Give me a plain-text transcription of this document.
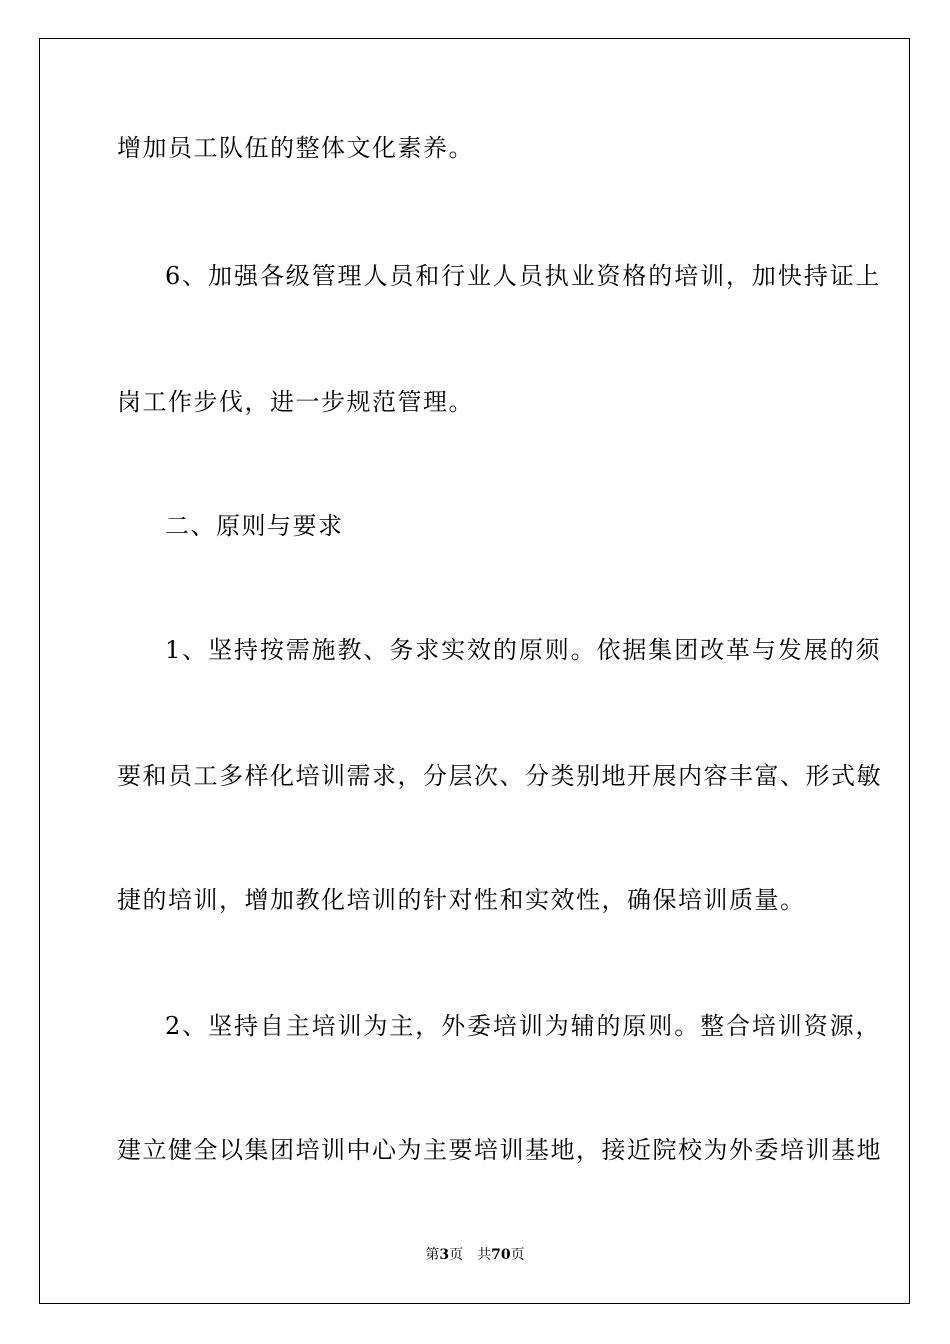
增加员工队伍的整体文化素养。
6、加强各级管理人员和行业人员执业资格的培训，加快持证上
岗工作步伐，进一步规范管理。
二、原则与要求
1、坚持按需施教、务求实效的原则。依据集团改革与发展的须
要和员工多样化培训需求，分层次、分类别地开展内容丰富、形式敏
捷的培训，增加教化培训的针对性和实效性，确保培训质量。
2、坚持自主培训为主，外委培训为辅的原则。整合培训资源，
建立健全以集团培训中心为主要培训基地，接近院校为外委培训基地
第3页　共70页
